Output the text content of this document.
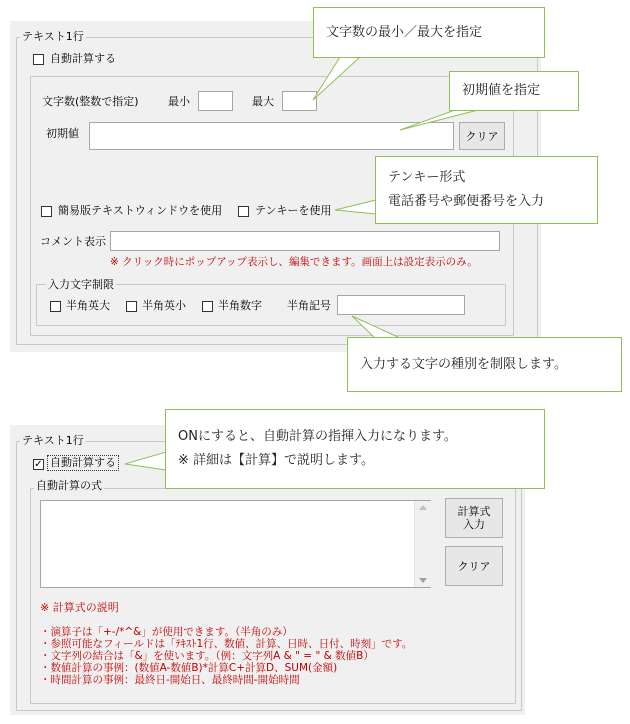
テキスト1行
自動計算する
文字数(整数で指定)	最小	最大
初期値	クリア
簡易版テキストウィンドウを使用	テンキーを使用
コメント表示
※ クリック時にポップアップ表示し、編集できます。画面上は設定表示のみ。
入力文字制限
半角英大	半角英小	半角数字 半角記号
テキスト1行
✓ 自動計算する
自動計算の式
計算式
入力
クリア
※ 計算式の説明
・演算子は「+-/*^&」が使用できます。（半角のみ）
・参照可能なフィールドは「ﾃｷｽﾄ1行、数値、計算、日時、日付、時刻」です。
・文字列の結合は「&」を使います。（例：文字列A & " = " & 数値B）
・数値計算の事例：(数値A-数値B)*計算C+計算D、SUM(金額)
・時間計算の事例：最終日-開始日、最終時間-開始時間
文字数の最小／最大を指定
初期値を指定
テンキー形式
電話番号や郵便番号を入力
入力する文字の種別を制限します。
ONにすると、自動計算の指揮入力になります。
※ 詳細は【計算】で説明します。
